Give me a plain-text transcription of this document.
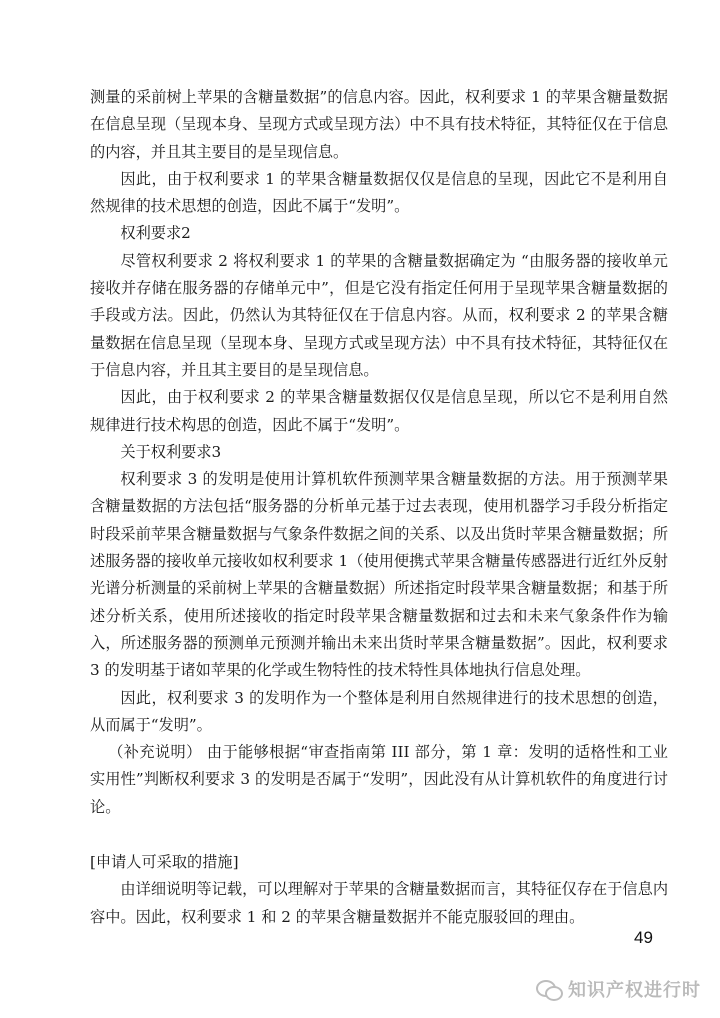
测量的采前树上苹果的含糖量数据”的信息内容。因此，权利要求 1 的苹果含糖量数据在信息呈现（呈现本身、呈现方式或呈现方法）中不具有技术特征，其特征仅在于信息的内容，并且其主要目的是呈现信息。

因此，由于权利要求 1 的苹果含糖量数据仅仅是信息的呈现，因此它不是利用自然规律的技术思想的创造，因此不属于“发明”。

权利要求2

尽管权利要求 2 将权利要求 1 的苹果的含糖量数据确定为 “由服务器的接收单元接收并存储在服务器的存储单元中”，但是它没有指定任何用于呈现苹果含糖量数据的手段或方法。因此，仍然认为其特征仅在于信息内容。从而，权利要求 2 的苹果含糖量数据在信息呈现（呈现本身、呈现方式或呈现方法）中不具有技术特征，其特征仅在于信息内容，并且其主要目的是呈现信息。

因此，由于权利要求 2 的苹果含糖量数据仅仅是信息呈现，所以它不是利用自然规律进行技术构思的创造，因此不属于“发明”。

关于权利要求3

权利要求 3 的发明是使用计算机软件预测苹果含糖量数据的方法。用于预测苹果含糖量数据的方法包括“服务器的分析单元基于过去表现，使用机器学习手段分析指定时段采前苹果含糖量数据与气象条件数据之间的关系、以及出货时苹果含糖量数据；所述服务器的接收单元接收如权利要求 1（使用便携式苹果含糖量传感器进行近红外反射光谱分析测量的采前树上苹果的含糖量数据）所述指定时段苹果含糖量数据；和基于所述分析关系，使用所述接收的指定时段苹果含糖量数据和过去和未来气象条件作为输入，所述服务器的预测单元预测并输出未来出货时苹果含糖量数据”。因此，权利要求 3 的发明基于诸如苹果的化学或生物特性的技术特性具体地执行信息处理。

因此，权利要求 3 的发明作为一个整体是利用自然规律进行的技术思想的创造，从而属于“发明”。

（补充说明） 由于能够根据“审查指南第 III 部分，第 1 章：发明的适格性和工业实用性”判断权利要求 3 的发明是否属于“发明”，因此没有从计算机软件的角度进行讨论。

[申请人可采取的措施]

由详细说明等记载，可以理解对于苹果的含糖量数据而言，其特征仅存在于信息内容中。因此，权利要求 1 和 2 的苹果含糖量数据并不能克服驳回的理由。

49
知识产权进行时
